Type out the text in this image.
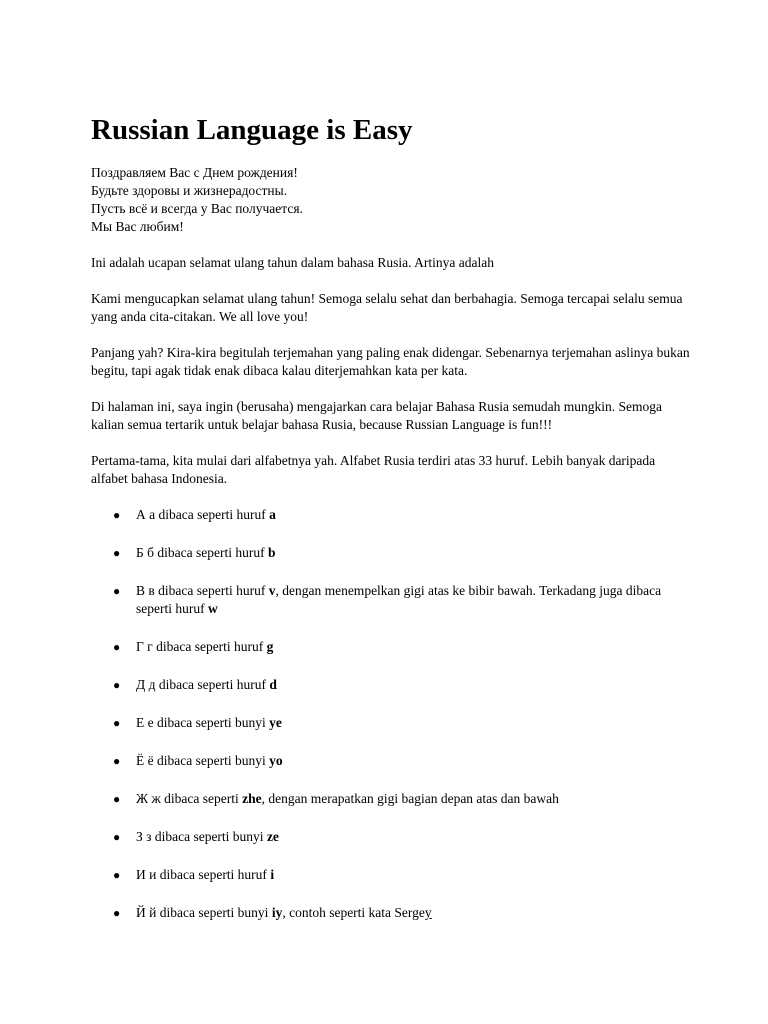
Russian Language is Easy

Поздравляем Вас с Днем рождения!
Будьте здоровы и жизнерадостны.
Пусть всё и всегда у Вас получается.
Мы Вас любим!

Ini adalah ucapan selamat ulang tahun dalam bahasa Rusia. Artinya adalah

Kami mengucapkan selamat ulang tahun! Semoga selalu sehat dan berbahagia. Semoga tercapai selalu semua yang anda cita-citakan. We all love you!

Panjang yah? Kira-kira begitulah terjemahan yang paling enak didengar. Sebenarnya terjemahan aslinya bukan begitu, tapi agak tidak enak dibaca kalau diterjemahkan kata per kata.

Di halaman ini, saya ingin (berusaha) mengajarkan cara belajar Bahasa Rusia semudah mungkin. Semoga kalian semua tertarik untuk belajar bahasa Rusia, because Russian Language is fun!!!

Pertama-tama, kita mulai dari alfabetnya yah. Alfabet Rusia terdiri atas 33 huruf. Lebih banyak daripada alfabet bahasa Indonesia.

● А а dibaca seperti huruf a
● Б б dibaca seperti huruf b
● В в dibaca seperti huruf v, dengan menempelkan gigi atas ke bibir bawah. Terkadang juga dibaca seperti huruf w
● Г г dibaca seperti huruf g
● Д д dibaca seperti huruf d
● Е е dibaca seperti bunyi ye
● Ё ё dibaca seperti bunyi yo
● Ж ж dibaca seperti zhe, dengan merapatkan gigi bagian depan atas dan bawah
● З з dibaca seperti bunyi ze
● И и dibaca seperti huruf i
● Й й dibaca seperti bunyi iy, contoh seperti kata Sergey
